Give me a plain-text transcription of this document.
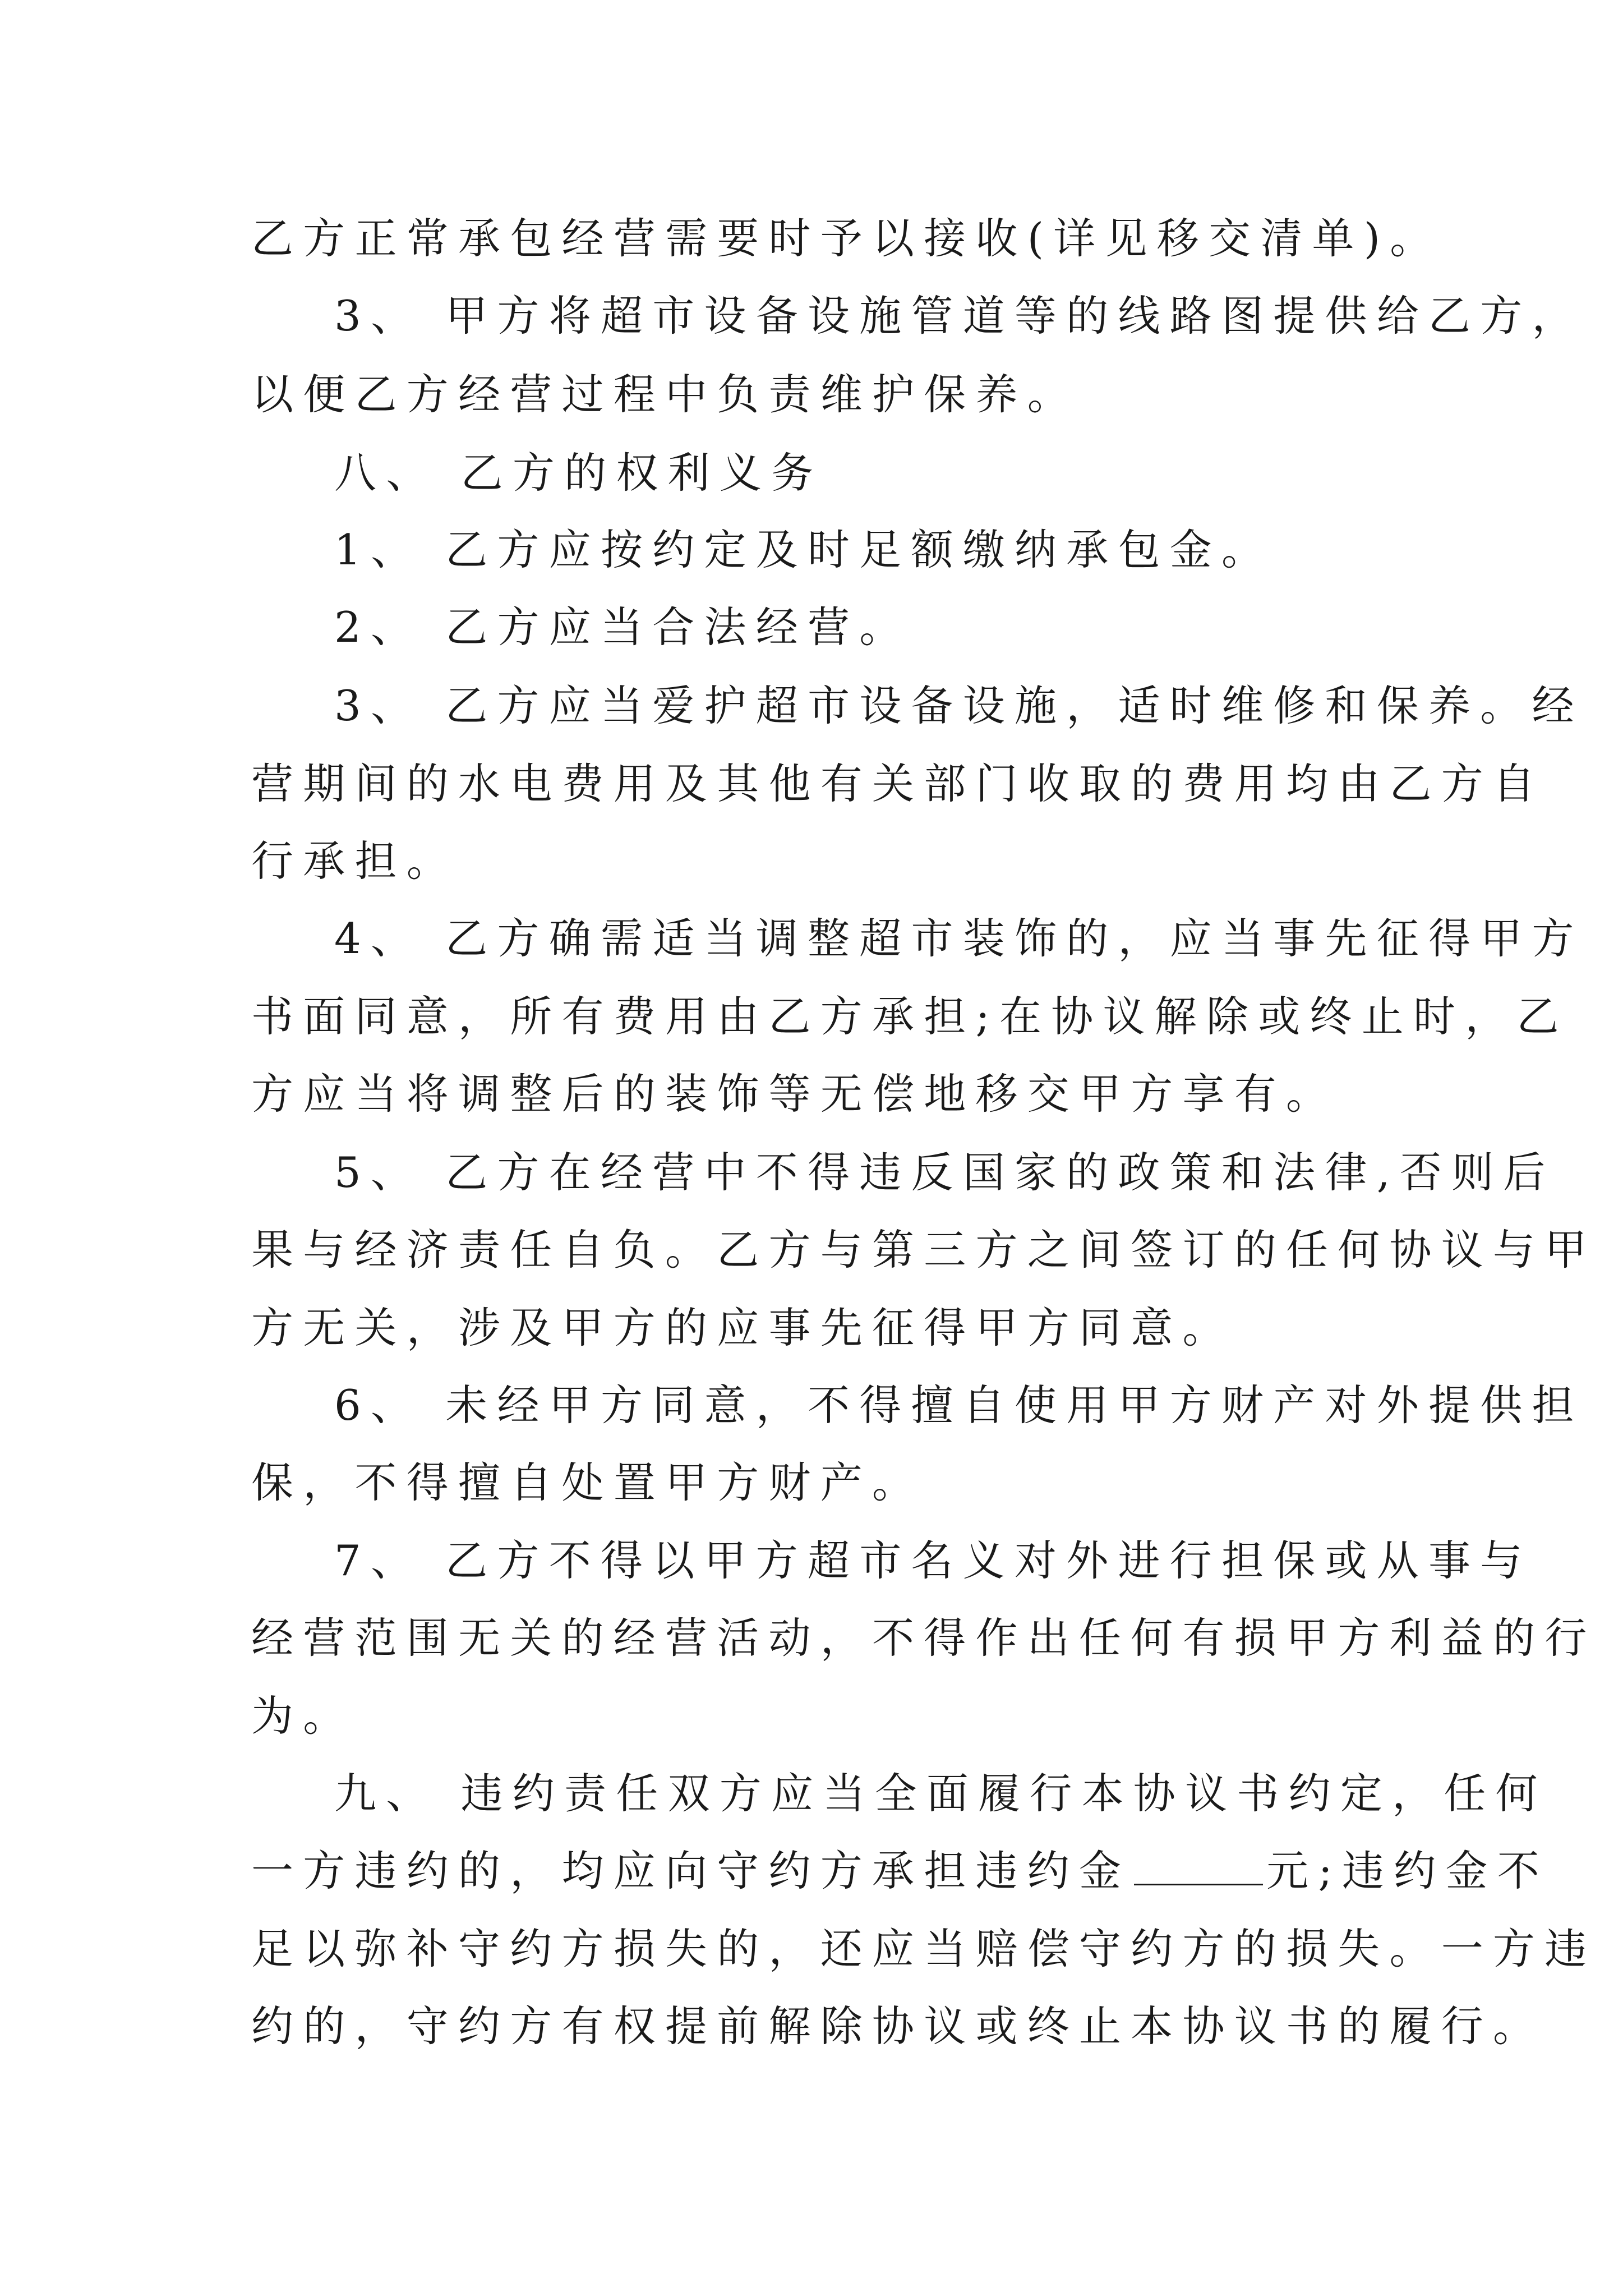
乙方正常承包经营需要时予以接收(详见移交清单)。
3、 甲方将超市设备设施管道等的线路图提供给乙方，
以便乙方经营过程中负责维护保养。
八、 乙方的权利义务
1、 乙方应按约定及时足额缴纳承包金。
2、 乙方应当合法经营。
3、 乙方应当爱护超市设备设施，适时维修和保养。经
营期间的水电费用及其他有关部门收取的费用均由乙方自
行承担。
4、 乙方确需适当调整超市装饰的，应当事先征得甲方
书面同意，所有费用由乙方承担;在协议解除或终止时，乙
方应当将调整后的装饰等无偿地移交甲方享有。
5、 乙方在经营中不得违反国家的政策和法律,否则后
果与经济责任自负。乙方与第三方之间签订的任何协议与甲
方无关，涉及甲方的应事先征得甲方同意。
6、 未经甲方同意，不得擅自使用甲方财产对外提供担
保，不得擅自处置甲方财产。
7、 乙方不得以甲方超市名义对外进行担保或从事与
经营范围无关的经营活动，不得作出任何有损甲方利益的行
为。
九、 违约责任双方应当全面履行本协议书约定，任何
一方违约的，均应向守约方承担违约金	元;违约金不
足以弥补守约方损失的，还应当赔偿守约方的损失。一方违
约的，守约方有权提前解除协议或终止本协议书的履行。
